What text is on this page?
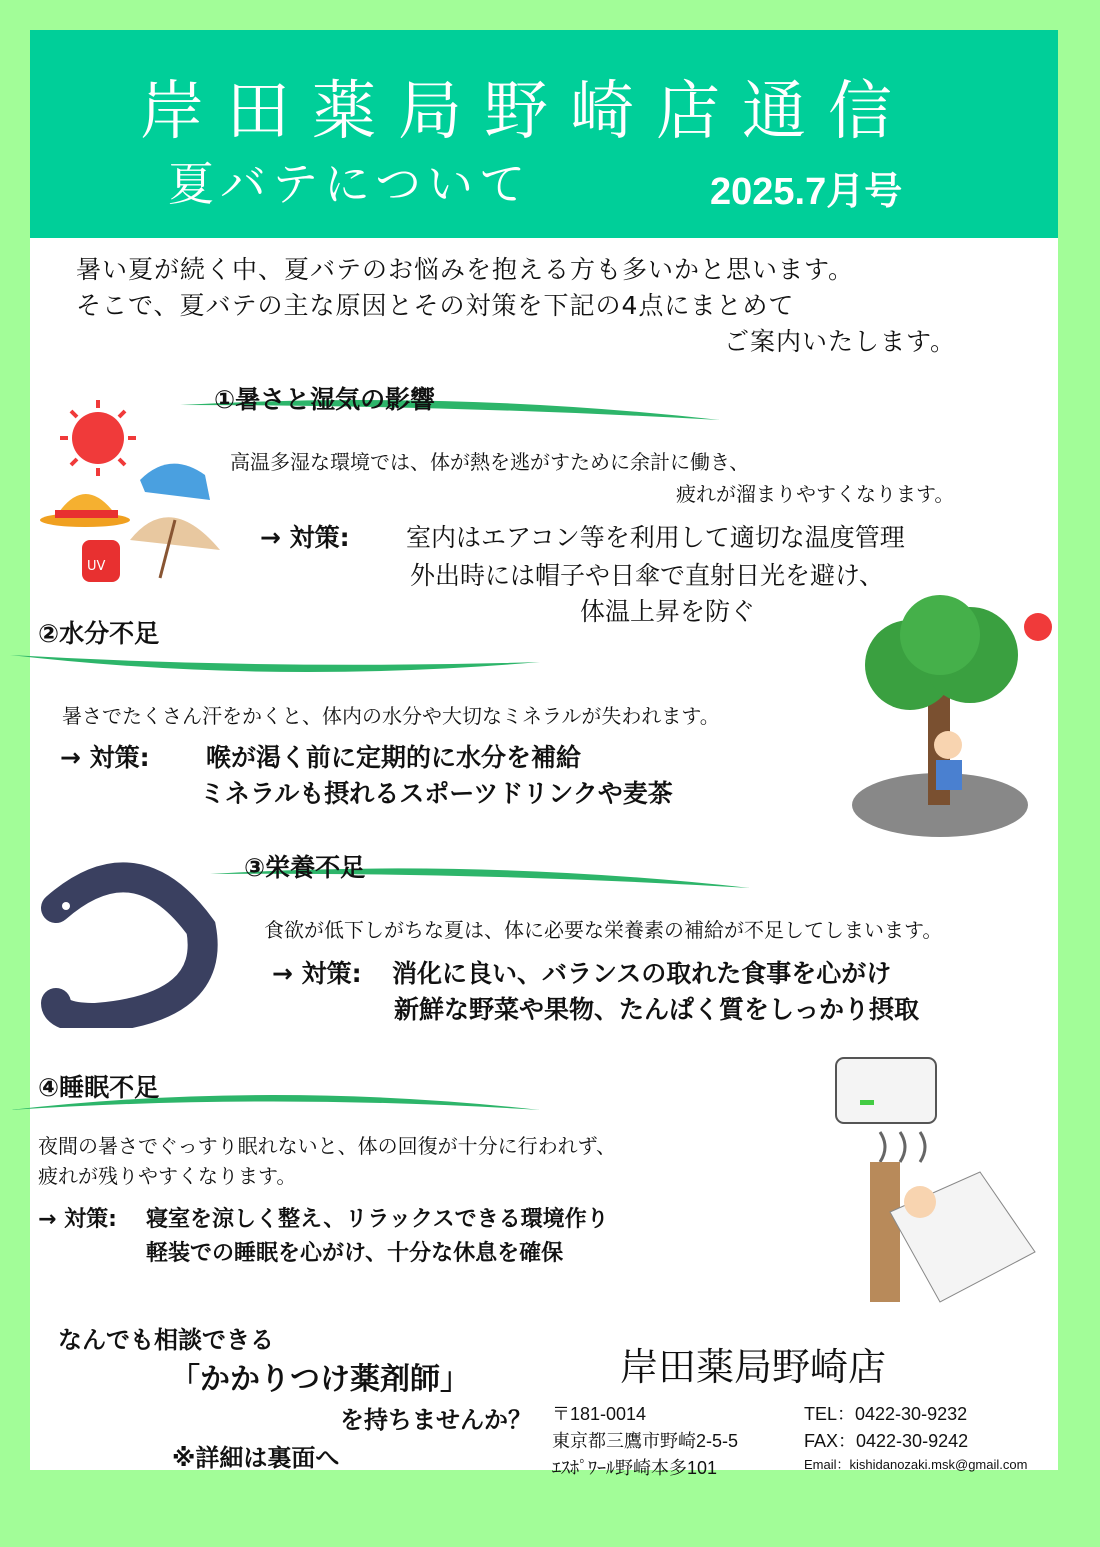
岸田薬局野崎店通信
夏バテについて	2025.7月号
暑い夏が続く中、夏バテのお悩みを抱える方も多いかと思います。
そこで、夏バテの主な原因とその対策を下記の4点にまとめて
ご案内いたします。
①暑さと湿気の影響
高温多湿な環境では、体が熱を逃がすために余計に働き、
疲れが溜まりやすくなります。
→ 対策: 室内はエアコン等を利用して適切な温度管理
外出時には帽子や日傘で直射日光を避け、
体温上昇を防ぐ
②水分不足
暑さでたくさん汗をかくと、体内の水分や大切なミネラルが失われます。
→ 対策: 喉が渇く前に定期的に水分を補給
ミネラルも摂れるスポーツドリンクや麦茶
③栄養不足
食欲が低下しがちな夏は、体に必要な栄養素の補給が不足してしまいます。
→ 対策: 消化に良い、バランスの取れた食事を心がけ
新鮮な野菜や果物、たんぱく質をしっかり摂取
④睡眠不足
夜間の暑さでぐっすり眠れないと、体の回復が十分に行われず、
疲れが残りやすくなります。
→ 対策: 寝室を涼しく整え、リラックスできる環境作り
軽装での睡眠を心がけ、十分な休息を確保
UV
なんでも相談できる
「かかりつけ薬剤師」
を持ちませんか？
※詳細は裏面へ
岸田薬局野崎店
〒181-0014
東京都三鷹市野崎2-5-5
ｴｽﾎﾟﾜｰﾙ野崎本多101
TEL：0422-30-9232
FAX：0422-30-9242
Email：kishidanozaki.msk@gmail.com
